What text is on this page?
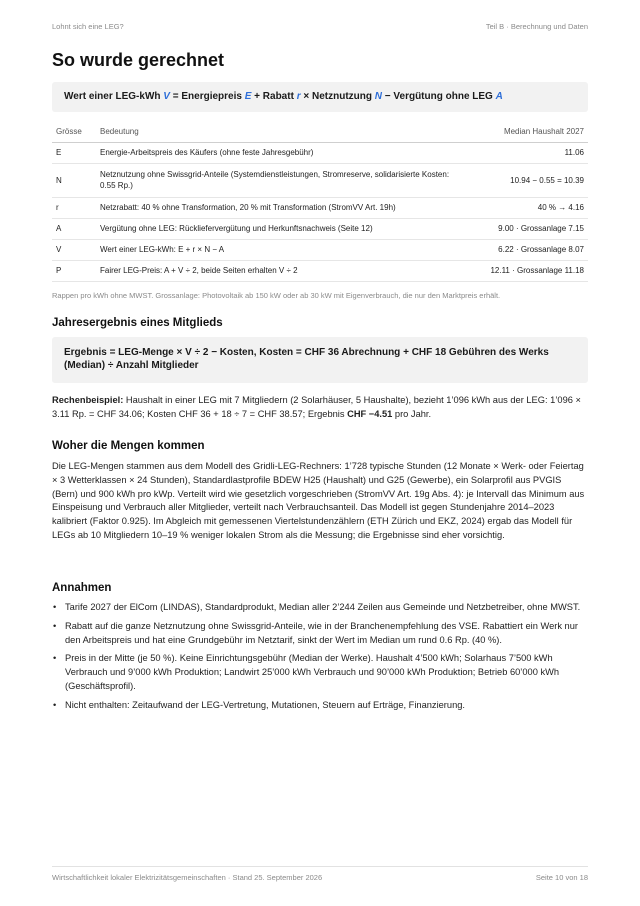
Lohnt sich eine LEG?	Teil B · Berechnung und Daten
So wurde gerechnet
Wert einer LEG-kWh V = Energiepreis E + Rabatt r × Netznutzung N − Vergütung ohne LEG A
Grösse	Bedeutung	Median Haushalt 2027
E	Energie-Arbeitspreis des Käufers (ohne feste Jahresgebühr)	11.06
N	Netznutzung ohne Swissgrid-Anteile (Systemdienstleistungen, Stromreserve, solidarisierte Kosten: 0.55 Rp.)	10.94 − 0.55 = 10.39
r	Netzrabatt: 40 % ohne Transformation, 20 % mit Transformation (StromVV Art. 19h)	40 % → 4.16
A	Vergütung ohne LEG: Rückliefervergütung und Herkunftsnachweis (Seite 12)	9.00 · Grossanlage 7.15
V	Wert einer LEG-kWh: E + r × N − A	6.22 · Grossanlage 8.07
P	Fairer LEG-Preis: A + V ÷ 2, beide Seiten erhalten V ÷ 2	12.11 · Grossanlage 11.18
Rappen pro kWh ohne MWST. Grossanlage: Photovoltaik ab 150 kW oder ab 30 kW mit Eigenverbrauch, die nur den Marktpreis erhält.
Jahresergebnis eines Mitglieds
Ergebnis = LEG-Menge × V ÷ 2 − Kosten, Kosten = CHF 36 Abrechnung + CHF 18 Gebühren des Werks (Median) ÷ Anzahl Mitglieder

Rechenbeispiel: Haushalt in einer LEG mit 7 Mitgliedern (2 Solarhäuser, 5 Haushalte), bezieht 1’096 kWh aus der LEG: 1’096 × 3.11 Rp. = CHF 34.06; Kosten CHF 36 + 18 ÷ 7 = CHF 38.57; Ergebnis CHF −4.51 pro Jahr.

Woher die Mengen kommen

Die LEG-Mengen stammen aus dem Modell des Gridli-LEG-Rechners: 1’728 typische Stunden (12 Monate × Werk- oder Feiertag × 3 Wetterklassen × 24 Stunden), Standardlastprofile BDEW H25 (Haushalt) und G25 (Gewerbe), ein Solarprofil aus PVGIS (Bern) und 900 kWh pro kWp. Verteilt wird wie gesetzlich vorgeschrieben (StromVV Art. 19g Abs. 4): je Intervall das Minimum aus Einspeisung und Verbrauch aller Mitglieder, verteilt nach Verbrauchsanteil. Das Modell ist gegen Stundenjahre 2014–2023 kalibriert (Faktor 0.925). Im Abgleich mit gemessenen Viertelstundenzählern (ETH Zürich und EKZ, 2024) ergab das Modell für LEGs ab 10 Mitgliedern 10–19 % weniger lokalen Strom als die Messung; die Ergebnisse sind eher vorsichtig.

Annahmen
• Tarife 2027 der ElCom (LINDAS), Standardprodukt, Median aller 2’244 Zeilen aus Gemeinde und Netzbetreiber, ohne MWST.
• Rabatt auf die ganze Netznutzung ohne Swissgrid-Anteile, wie in der Branchenempfehlung des VSE. Rabattiert ein Werk nur den Arbeitspreis und hat eine Grundgebühr im Netztarif, sinkt der Wert im Median um rund 0.6 Rp. (40 %).
• Preis in der Mitte (je 50 %). Keine Einrichtungsgebühr (Median der Werke). Haushalt 4’500 kWh; Solarhaus 7’500 kWh Verbrauch und 9’000 kWh Produktion; Landwirt 25’000 kWh Verbrauch und 90’000 kWh Produktion; Betrieb 60’000 kWh (Geschäftsprofil).
• Nicht enthalten: Zeitaufwand der LEG-Vertretung, Mutationen, Steuern auf Erträge, Finanzierung.
Wirtschaftlichkeit lokaler Elektrizitätsgemeinschaften · Stand 25. September 2026	Seite 10 von 18
